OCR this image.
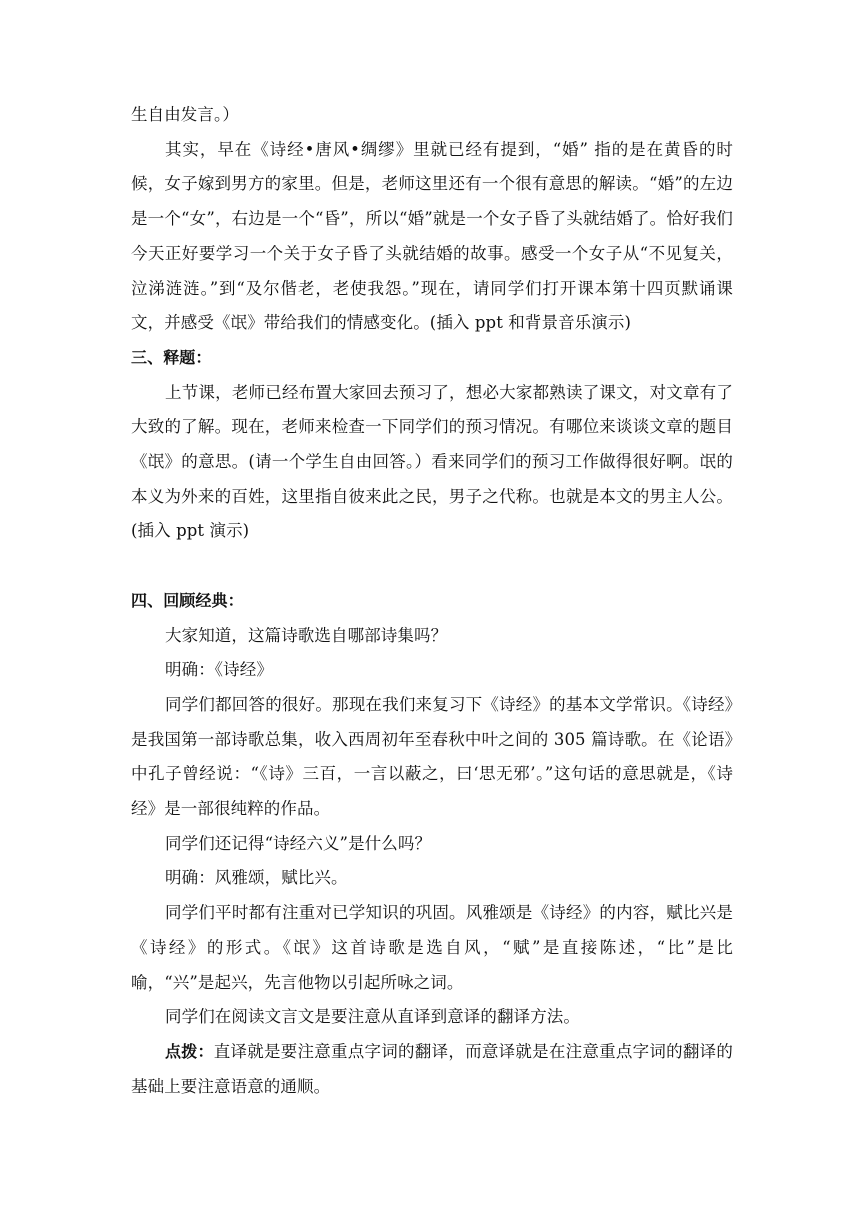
生自由发言。）

其实，早在《诗经•唐风•绸缪》里就已经有提到，“婚” 指的是在黄昏的时候，女子嫁到男方的家里。但是，老师这里还有一个很有意思的解读。“婚”的左边是一个“女”，右边是一个“昏”，所以“婚”就是一个女子昏了头就结婚了。恰好我们今天正好要学习一个关于女子昏了头就结婚的故事。感受一个女子从“不见复关，泣涕涟涟。”到“及尔偕老，老使我怨。”现在，请同学们打开课本第十四页默诵课文，并感受《氓》带给我们的情感变化。(插入 ppt 和背景音乐演示)

三、释题：

上节课，老师已经布置大家回去预习了，想必大家都熟读了课文，对文章有了大致的了解。现在，老师来检查一下同学们的预习情况。有哪位来谈谈文章的题目《氓》的意思。(请一个学生自由回答。）看来同学们的预习工作做得很好啊。氓的本义为外来的百姓，这里指自彼来此之民，男子之代称。也就是本文的男主人公。(插入 ppt 演示)

四、回顾经典：

大家知道，这篇诗歌选自哪部诗集吗？

明确：《诗经》

同学们都回答的很好。那现在我们来复习下《诗经》的基本文学常识。《诗经》是我国第一部诗歌总集，收入西周初年至春秋中叶之间的 305 篇诗歌。在《论语》中孔子曾经说：“《诗》三百，一言以蔽之，曰‘思无邪’。”这句话的意思就是，《诗经》是一部很纯粹的作品。

同学们还记得“诗经六义”是什么吗？

明确：风雅颂，赋比兴。

同学们平时都有注重对已学知识的巩固。风雅颂是《诗经》的内容，赋比兴是《诗经》的形式。《氓》这首诗歌是选自风，“赋”是直接陈述，“比”是比喻，“兴”是起兴，先言他物以引起所咏之词。

同学们在阅读文言文是要注意从直译到意译的翻译方法。

点拨：直译就是要注意重点字词的翻译，而意译就是在注意重点字词的翻译的基础上要注意语意的通顺。
